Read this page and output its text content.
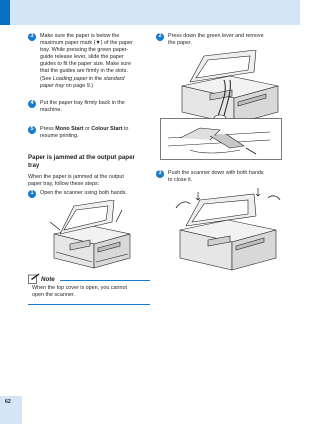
3	Make sure the paper is below the
maximum paper mark (▼) of the paper
tray. While pressing the green paper-
guide release lever, slide the paper
guides to fit the paper size. Make sure
that the guides are firmly in the slots.
(See Loading paper in the standard
paper tray on page 9.)
4	Put the paper tray firmly back in the
machine.
5	Press Mono Start or Colour Start to
resume printing.
Paper is jammed at the output paper
tray
When the paper is jammed at the output
paper tray, follow these steps:
1	Open the scanner using both hands.
Note
When the top cover is open, you cannot
open the scanner.
2	Press down the green lever and remove
the paper.
3	Push the scanner down with both hands
to close it.
62
